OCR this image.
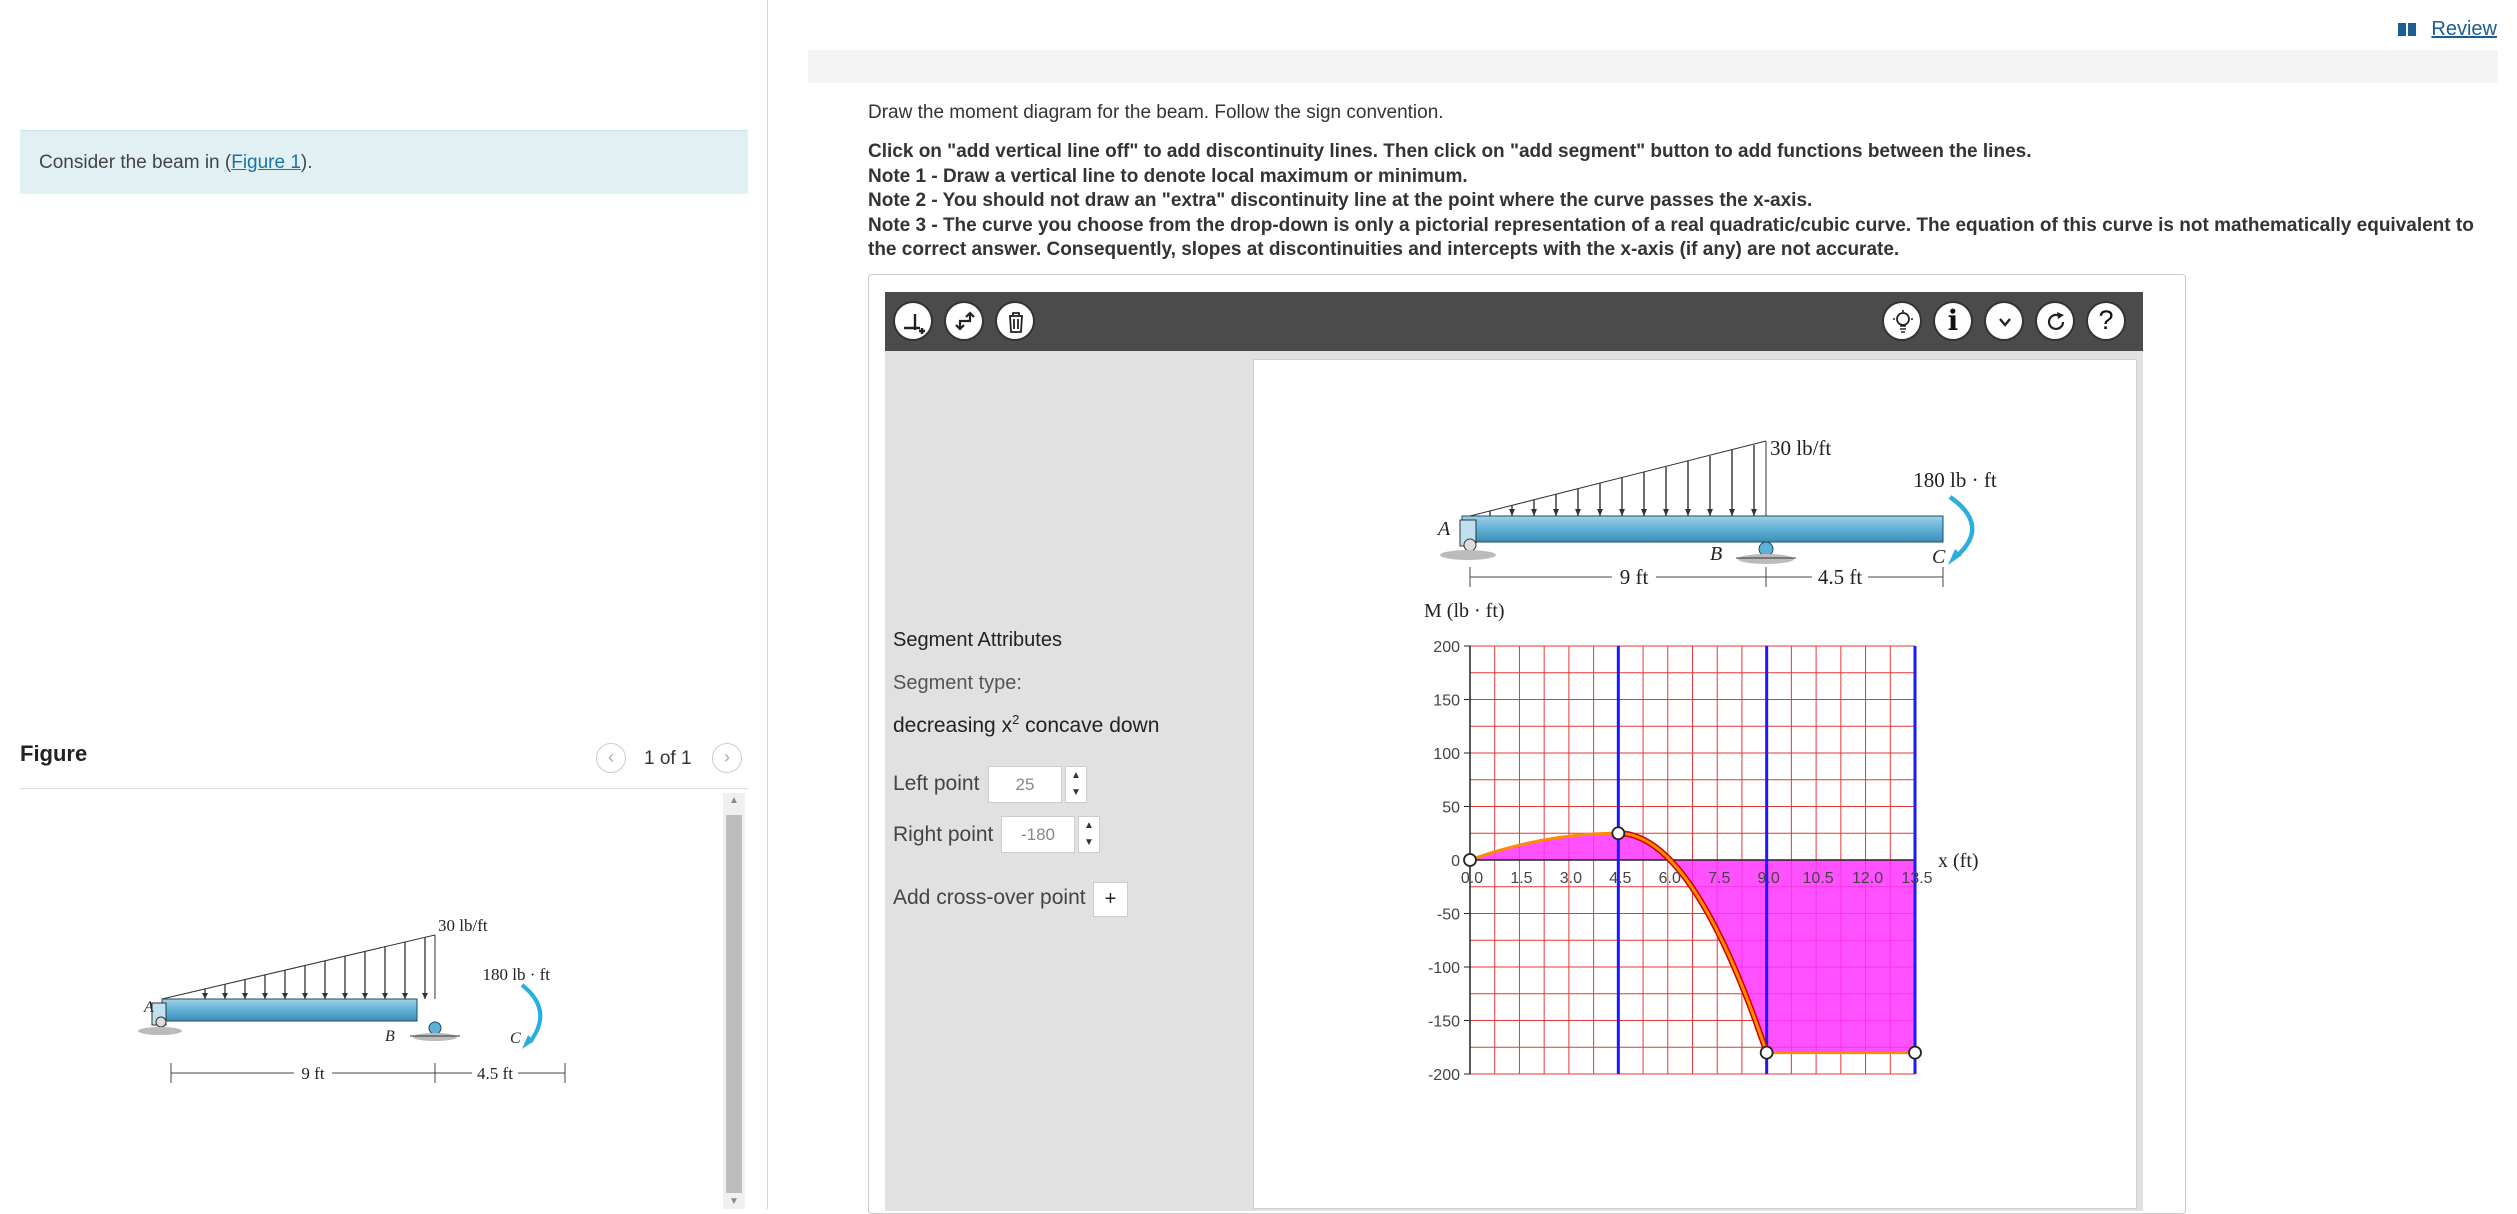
Consider the beam in (Figure 1).
Figure	‹	1 of 1	›
30 lb/ft
A
B
180 lb · ft
C
9 ft	4.5 ft
▲
▼
Review
Draw the moment diagram for the beam. Follow the sign convention.
Click on "add vertical line off" to add discontinuity lines. Then click on "add segment" button to add functions between the lines.
Note 1 - Draw a vertical line to denote local maximum or minimum.
Note 2 - You should not draw an "extra" discontinuity line at the point where the curve passes the x-axis.
Note 3 - The curve you choose from the drop-down is only a pictorial representation of a real quadratic/cubic curve. The equation of this curve is not mathematically equivalent to the correct answer. Consequently, slopes at discontinuities and intercepts with the x-axis (if any) are not accurate.
i	?
Segment Attributes
Segment type:
decreasing $x^2$ concave down
Left point	25	▲
▼
Right point	-180	▲
▼
Add cross-over point +
30 lb/ft
A
B
180 lb · ft
C
9 ft	4.5 ft
M (lb · ft)
x (ft)
200
150
100
50
0
-50
-100
-150
-200
0.0 1.5 3.0 4.5 6.0 7.5 9.0 10.5 12.0 13.5
